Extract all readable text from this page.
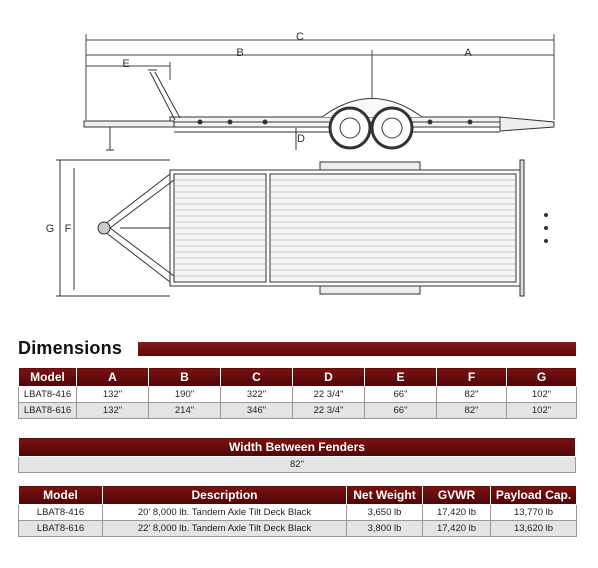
C
B	A
E
D
G F
Dimensions
Model	A	B	C	D	E	F	G
LBAT8-416	132"	190"	322"	22 3/4"	66"	82"	102"
LBAT8-616	132"	214"	346"	22 3/4"	66"	82"	102"
Width Between Fenders
82"
Model	Description	Net Weight	GVWR	Payload Cap.
LBAT8-416	20' 8,000 lb. Tandem Axle Tilt Deck Black	3,650 lb	17,420 lb	13,770 lb
LBAT8-616	22' 8,000 lb. Tandem Axle Tilt Deck Black	3,800 lb	17,420 lb	13,620 lb
